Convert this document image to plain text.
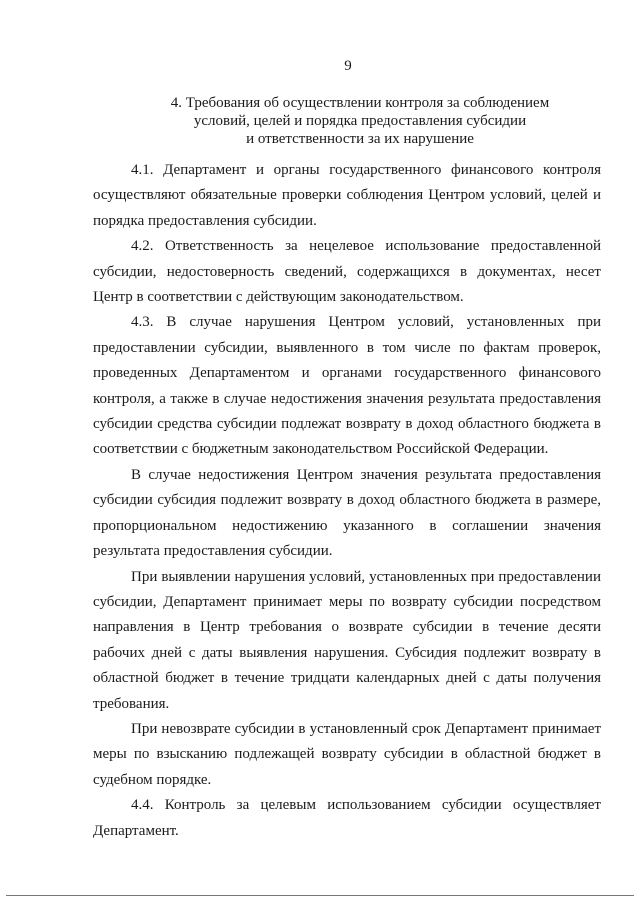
9
4. Требования об осуществлении контроля за соблюдением
условий, целей и порядка предоставления субсидии
и ответственности за их нарушение

4.1. Департамент и органы государственного финансового контроля осуществляют обязательные проверки соблюдения Центром условий, целей и порядка предоставления субсидии.

4.2. Ответственность за нецелевое использование предоставленной субсидии, недостоверность сведений, содержащихся в документах, несет Центр в соответствии с действующим законодательством.

4.3. В случае нарушения Центром условий, установленных при предоставлении субсидии, выявленного в том числе по фактам проверок, проведенных Департаментом и органами государственного финансового контроля, а также в случае недостижения значения результата предоставления субсидии средства субсидии подлежат возврату в доход областного бюджета в соответствии с бюджетным законодательством Российской Федерации.

В случае недостижения Центром значения результата предоставления субсидии субсидия подлежит возврату в доход областного бюджета в размере, пропорциональном недостижению указанного в соглашении значения результата предоставления субсидии.

При выявлении нарушения условий, установленных при предоставлении субсидии, Департамент принимает меры по возврату субсидии посредством направления в Центр требования о возврате субсидии в течение десяти рабочих дней с даты выявления нарушения. Субсидия подлежит возврату в областной бюджет в течение тридцати календарных дней с даты получения требования.

При невозврате субсидии в установленный срок Департамент принимает меры по взысканию подлежащей возврату субсидии в областной бюджет в судебном порядке.

4.4. Контроль за целевым использованием субсидии осуществляет Департамент.
